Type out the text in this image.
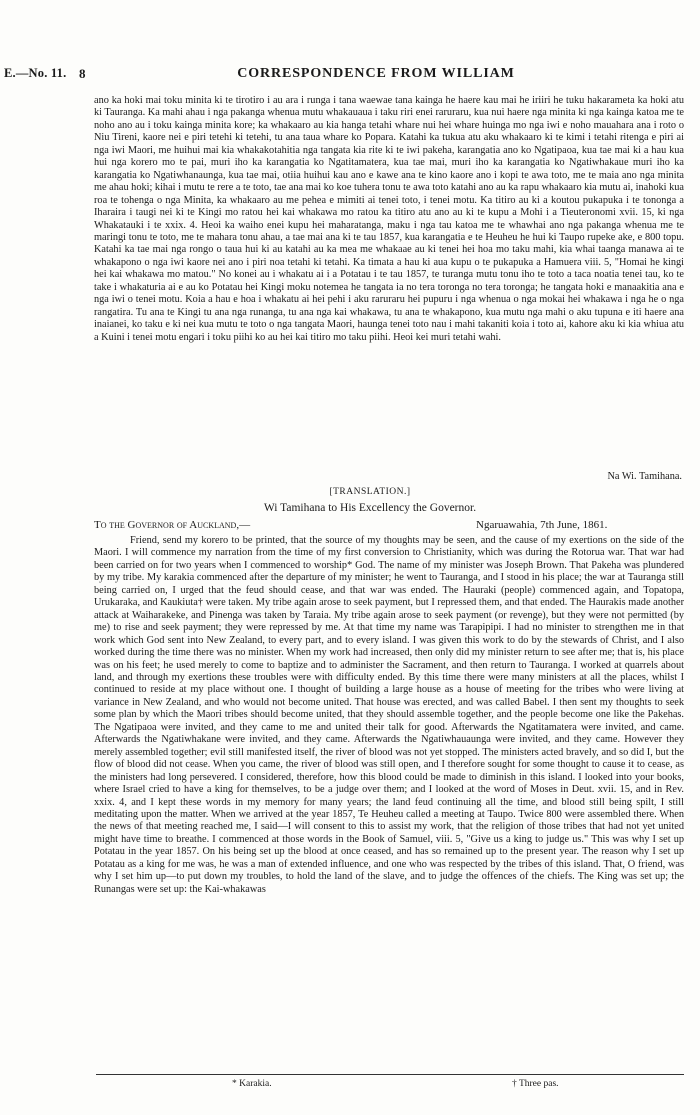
E.—No. 11. 8	CORRESPONDENCE FROM WILLIAM

ano ka hoki mai toku minita ki te tirotiro i au ara i runga i tana waewae tana kainga he haere kau mai he iriiri he tuku hakarameta ka hoki atu ki Tauranga. Ka mahi ahau i nga pakanga whenua mutu whakauaua i taku riri enei raruraru, kua nui haere nga minita ki nga kainga katoa me te noho ano au i toku kainga minita kore; ka whakaaro au kia hanga tetahi whare nui hei whare huinga mo nga iwi e noho mauahara ana i roto o Niu Tireni, kaore nei e piri tetehi ki tetehi, tu ana taua whare ko Popara. Katahi ka tukua atu aku whakaaro ki te kimi i tetahi ritenga e piri ai nga iwi Maori, me huihui mai kia whakakotahitia nga tangata kia rite ki te iwi pakeha, karangatia ano ko Ngatipaoa, kua tae mai ki a hau kua hui nga korero mo te pai, muri iho ka karangatia ko Ngatitamatera, kua tae mai, muri iho ka karangatia ko Ngatiwhakaue muri iho ka karangatia ko Ngatiwhanaunga, kua tae mai, otiia huihui kau ano e kawe ana te kino kaore ano i kopi te awa toto, me te maia ano nga minita me ahau hoki; kihai i mutu te rere a te toto, tae ana mai ko koe tuhera tonu te awa toto katahi ano au ka rapu whakaaro kia mutu ai, inahoki kua roa te tohenga o nga Minita, ka whakaaro au me pehea e mimiti ai tenei toto, i tenei motu. Ka titiro au ki a koutou pukapuka i te tononga a Iharaira i taugi nei ki te Kingi mo ratou hei kai whakawa mo ratou ka titiro atu ano au ki te kupu a Mohi i a Tieuteronomi xvii. 15, ki nga Whakatauki i te xxix. 4. Heoi ka waiho enei kupu hei maharatanga, maku i nga tau katoa me te whawhai ano nga pakanga whenua me te maringi tonu te toto, me te mahara tonu ahau, a tae mai ana ki te tau 1857, kua karangatia e te Heuheu he hui ki Taupo rupeke ake, e 800 topu. Katahi ka tae mai nga rongo o taua hui ki au katahi au ka mea me whakaae au ki tenei hei hoa mo taku mahi, kia whai taanga manawa ai te whakapono o nga iwi kaore nei ano i piri noa tetahi ki tetahi. Ka timata a hau ki aua kupu o te pukapuka a Hamuera viii. 5, "Homai he kingi hei kai whakawa mo matou." No konei au i whakatu ai i a Potatau i te tau 1857, te turanga mutu tonu iho te toto a taca noatia tenei tau, ko te take i whakaturia ai e au ko Potatau hei Kingi moku notemea he tangata ia no tera toronga no tera toronga; he tangata hoki e manaakitia ana e nga iwi o tenei motu. Koia a hau e hoa i whakatu ai hei pehi i aku raruraru hei pupuru i nga whenua o nga mokai hei whakawa i nga he o nga rangatira. Tu ana te Kingi tu ana nga runanga, tu ana nga kai whakawa, tu ana te whakapono, kua mutu nga mahi o aku tupuna e iti haere ana inaianei, ko taku e ki nei kua mutu te toto o nga tangata Maori, haunga tenei toto nau i mahi takaniti koia i toto ai, kahore aku ki kia whiua atu a Kuini i tenei motu engari i toku piihi ko au hei kai titiro mo taku piihi. Heoi kei muri tetahi wahi.

Na Wi. Tamihana.
[TRANSLATION.]
Wi Tamihana to His Excellency the Governor.
To the Governor of Auckland,—	Ngaruawahia, 7th June, 1861.

Friend, send my korero to be printed, that the source of my thoughts may be seen, and the cause of my exertions on the side of the Maori. I will commence my narration from the time of my first conversion to Christianity, which was during the Rotorua war. That war had been carried on for two years when I commenced to worship* God. The name of my minister was Joseph Brown. That Pakeha was plundered by my tribe. My karakia commenced after the departure of my minister; he went to Tauranga, and I stood in his place; the war at Tauranga still being carried on, I urged that the feud should cease, and that war was ended. The Hauraki (people) commenced again, and Topatopa, Urukaraka, and Kaukiuta† were taken. My tribe again arose to seek payment, but I repressed them, and that ended. The Haurakis made another attack at Waiharakeke, and Pinenga was taken by Taraia. My tribe again arose to seek payment (or revenge), but they were not permitted (by me) to rise and seek payment; they were repressed by me. At that time my name was Tarapipipi. I had no minister to strengthen me in that work which God sent into New Zealand, to every part, and to every island. I was given this work to do by the stewards of Christ, and I also worked during the time there was no minister. When my work had increased, then only did my minister return to see after me; that is, his place was on his feet; he used merely to come to baptize and to administer the Sacrament, and then return to Tauranga. I worked at quarrels about land, and through my exertions these troubles were with difficulty ended. By this time there were many ministers at all the places, whilst I continued to reside at my place without one. I thought of building a large house as a house of meeting for the tribes who were living at variance in New Zealand, and who would not become united. That house was erected, and was called Babel. I then sent my thoughts to seek some plan by which the Maori tribes should become united, that they should assemble together, and the people become one like the Pakehas. The Ngatipaoa were invited, and they came to me and united their talk for good. Afterwards the Ngatitamatera were invited, and came. Afterwards the Ngatiwhakane were invited, and they came. Afterwards the Ngatiwhauaunga were invited, and they came. However they merely assembled together; evil still manifested itself, the river of blood was not yet stopped. The ministers acted bravely, and so did I, but the flow of blood did not cease. When you came, the river of blood was still open, and I therefore sought for some thought to cause it to cease, as the ministers had long persevered. I considered, therefore, how this blood could be made to diminish in this island. I looked into your books, where Israel cried to have a king for themselves, to be a judge over them; and I looked at the word of Moses in Deut. xvii. 15, and in Rev. xxix. 4, and I kept these words in my memory for many years; the land feud continuing all the time, and blood still being spilt, I still meditating upon the matter. When we arrived at the year 1857, Te Heuheu called a meeting at Taupo. Twice 800 were assembled there. When the news of that meeting reached me, I said—I will consent to this to assist my work, that the religion of those tribes that had not yet united might have time to breathe. I commenced at those words in the Book of Samuel, viii. 5, "Give us a king to judge us." This was why I set up Potatau in the year 1857. On his being set up the blood at once ceased, and has so remained up to the present year. The reason why I set up Potatau as a king for me was, he was a man of extended influence, and one who was respected by the tribes of this island. That, O friend, was why I set him up—to put down my troubles, to hold the land of the slave, and to judge the offences of the chiefs. The King was set up; the Runangas were set up: the Kai-whakawas

* Karakia.	† Three pas.
